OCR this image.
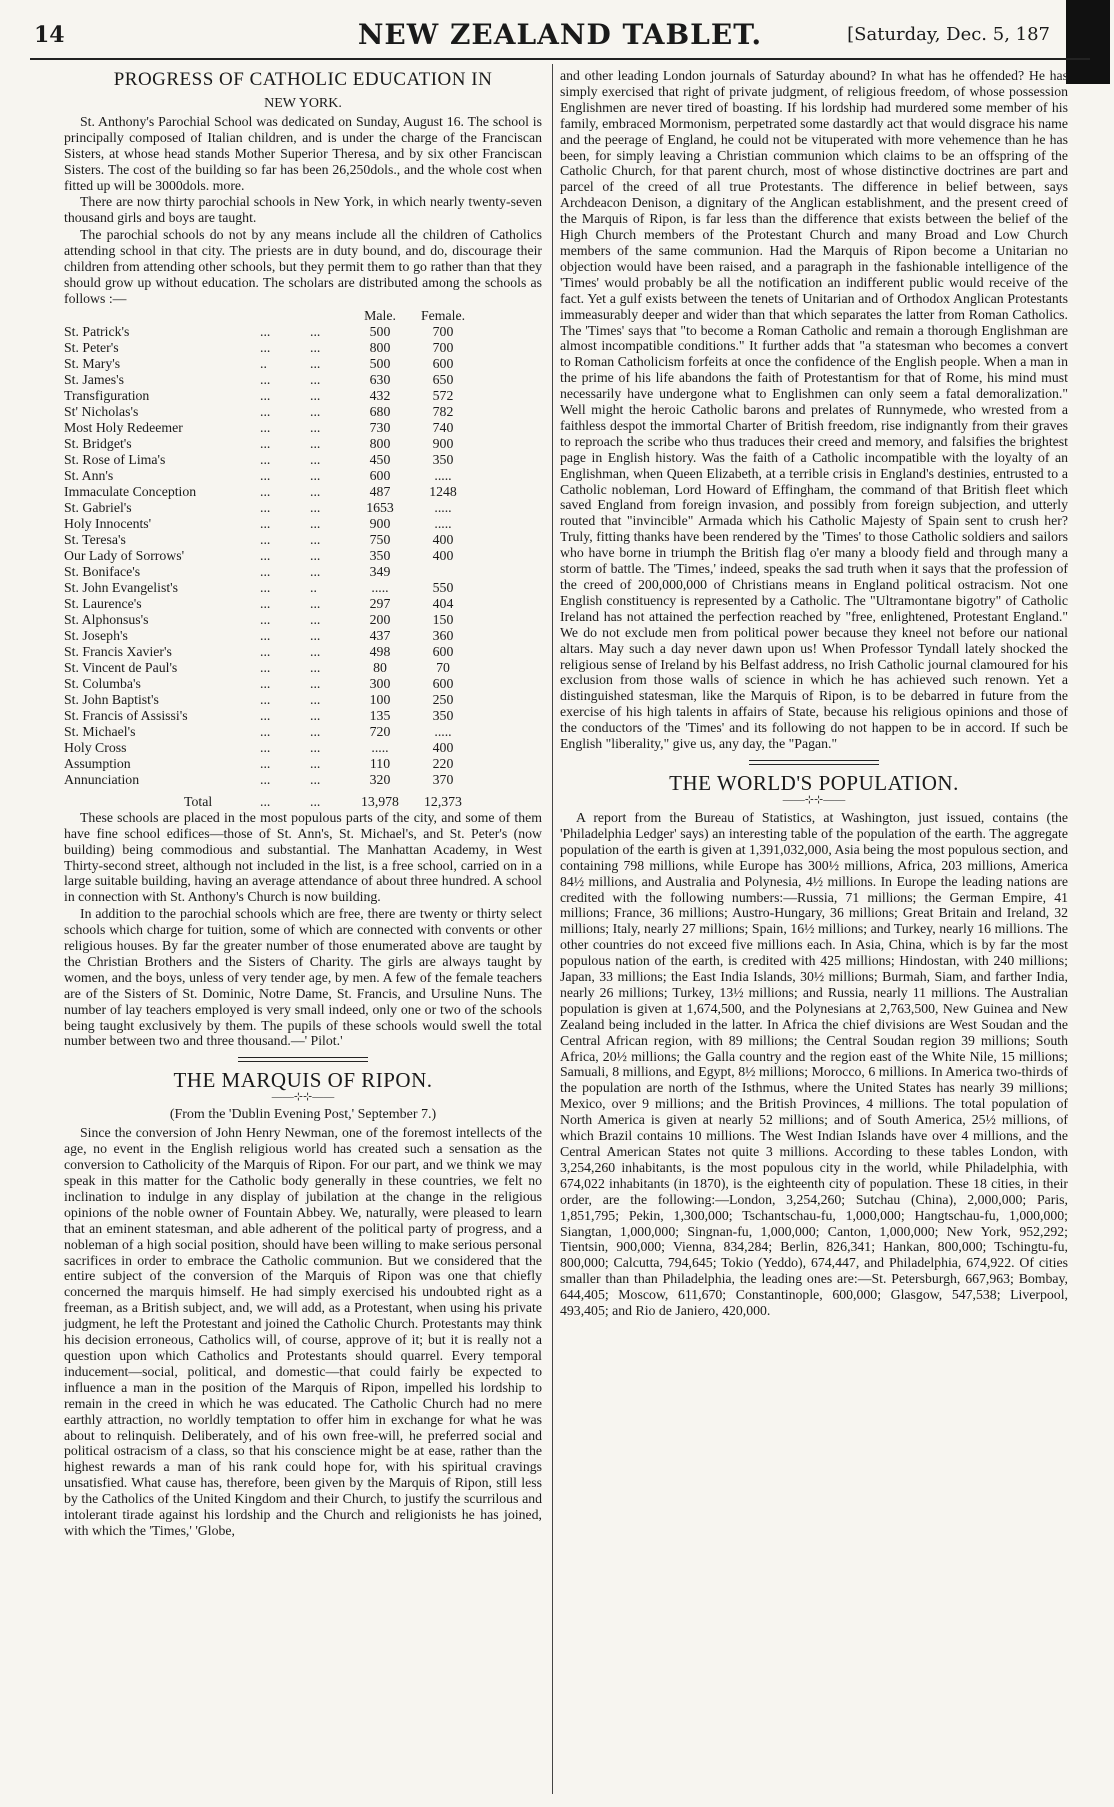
14	NEW ZEALAND TABLET.	[Saturday, Dec. 5, 187
PROGRESS OF CATHOLIC EDUCATION IN
NEW YORK.

St. Anthony's Parochial School was dedicated on Sunday, August 16. The school is principally composed of Italian children, and is under the charge of the Franciscan Sisters, at whose head stands Mother Superior Theresa, and by six other Franciscan Sisters. The cost of the building so far has been 26,250dols., and the whole cost when fitted up will be 3000dols. more.

There are now thirty parochial schools in New York, in which nearly twenty-seven thousand girls and boys are taught.

The parochial schools do not by any means include all the children of Catholics attending school in that city. The priests are in duty bound, and do, discourage their children from attending other schools, but they permit them to go rather than that they should grow up without education. The scholars are distributed among the schools as follows :—

Male.	Female.
St. Patrick's	...	...	500	700
St. Peter's	...	...	800	700
St. Mary's	..	...	500	600
St. James's	...	...	630	650
Transfiguration	...	...	432	572
St' Nicholas's	...	...	680	782
Most Holy Redeemer	...	...	730	740
St. Bridget's	...	...	800	900
St. Rose of Lima's	...	...	450	350
St. Ann's	...	...	600	.....
Immaculate Conception	...	...	487	1248
St. Gabriel's	...	...	1653	.....
Holy Innocents'	...	...	900	.....
St. Teresa's	...	...	750	400
Our Lady of Sorrows'	...	...	350	400
St. Boniface's	...	...	349
St. John Evangelist's	...	..	.....	550
St. Laurence's	...	...	297	404
St. Alphonsus's	...	...	200	150
St. Joseph's	...	...	437	360
St. Francis Xavier's	...	...	498	600
St. Vincent de Paul's	...	...	80	70
St. Columba's	...	...	300	600
St. John Baptist's	...	...	100	250
St. Francis of Assissi's	...	...	135	350
St. Michael's	...	...	720	.....
Holy Cross	...	...	.....	400
Assumption	...	...	110	220
Annunciation	...	...	320	370
Total	...	...	13,978	12,373

These schools are placed in the most populous parts of the city, and some of them have fine school edifices—those of St. Ann's, St. Michael's, and St. Peter's (now building) being commodious and substantial. The Manhattan Academy, in West Thirty-second street, although not included in the list, is a free school, carried on in a large suitable building, having an average attendance of about three hundred. A school in connection with St. Anthony's Church is now building.

In addition to the parochial schools which are free, there are twenty or thirty select schools which charge for tuition, some of which are connected with convents or other religious houses. By far the greater number of those enumerated above are taught by the Christian Brothers and the Sisters of Charity. The girls are always taught by women, and the boys, unless of very tender age, by men. A few of the female teachers are of the Sisters of St. Dominic, Notre Dame, St. Francis, and Ursuline Nuns. The number of lay teachers employed is very small indeed, only one or two of the schools being taught exclusively by them. The pupils of these schools would swell the total number between two and three thousand.—' Pilot.'

THE MARQUIS OF RIPON.
——⊹⊹——
(From the 'Dublin Evening Post,' September 7.)

Since the conversion of John Henry Newman, one of the foremost intellects of the age, no event in the English religious world has created such a sensation as the conversion to Catholicity of the Marquis of Ripon. For our part, and we think we may speak in this matter for the Catholic body generally in these countries, we felt no inclination to indulge in any display of jubilation at the change in the religious opinions of the noble owner of Fountain Abbey. We, naturally, were pleased to learn that an eminent statesman, and able adherent of the political party of progress, and a nobleman of a high social position, should have been willing to make serious personal sacrifices in order to embrace the Catholic communion. But we considered that the entire subject of the conversion of the Marquis of Ripon was one that chiefly concerned the marquis himself. He had simply exercised his undoubted right as a freeman, as a British subject, and, we will add, as a Protestant, when using his private judgment, he left the Protestant and joined the Catholic Church. Protestants may think his decision erroneous, Catholics will, of course, approve of it; but it is really not a question upon which Catholics and Protestants should quarrel. Every temporal inducement—social, political, and domestic—that could fairly be expected to influence a man in the position of the Marquis of Ripon, impelled his lordship to remain in the creed in which he was educated. The Catholic Church had no mere earthly attraction, no worldly temptation to offer him in exchange for what he was about to relinquish. Deliberately, and of his own free-will, he preferred social and political ostracism of a class, so that his conscience might be at ease, rather than the highest rewards a man of his rank could hope for, with his spiritual cravings unsatisfied. What cause has, therefore, been given by the Marquis of Ripon, still less by the Catholics of the United Kingdom and their Church, to justify the scurrilous and intolerant tirade against his lordship and the Church and religionists he has joined, with which the 'Times,' 'Globe,

and other leading London journals of Saturday abound? In what has he offended? He has simply exercised that right of private judgment, of religious freedom, of whose possession Englishmen are never tired of boasting. If his lordship had murdered some member of his family, embraced Mormonism, perpetrated some dastardly act that would disgrace his name and the peerage of England, he could not be vituperated with more vehemence than he has been, for simply leaving a Christian communion which claims to be an offspring of the Catholic Church, for that parent church, most of whose distinctive doctrines are part and parcel of the creed of all true Protestants. The difference in belief between, says Archdeacon Denison, a dignitary of the Anglican establishment, and the present creed of the Marquis of Ripon, is far less than the difference that exists between the belief of the High Church members of the Protestant Church and many Broad and Low Church members of the same communion. Had the Marquis of Ripon become a Unitarian no objection would have been raised, and a paragraph in the fashionable intelligence of the 'Times' would probably be all the notification an indifferent public would receive of the fact. Yet a gulf exists between the tenets of Unitarian and of Orthodox Anglican Protestants immeasurably deeper and wider than that which separates the latter from Roman Catholics. The 'Times' says that "to become a Roman Catholic and remain a thorough Englishman are almost incompatible conditions." It further adds that "a statesman who becomes a convert to Roman Catholicism forfeits at once the confidence of the English people. When a man in the prime of his life abandons the faith of Protestantism for that of Rome, his mind must necessarily have undergone what to Englishmen can only seem a fatal demoralization." Well might the heroic Catholic barons and prelates of Runnymede, who wrested from a faithless despot the immortal Charter of British freedom, rise indignantly from their graves to reproach the scribe who thus traduces their creed and memory, and falsifies the brightest page in English history. Was the faith of a Catholic incompatible with the loyalty of an Englishman, when Queen Elizabeth, at a terrible crisis in England's destinies, entrusted to a Catholic nobleman, Lord Howard of Effingham, the command of that British fleet which saved England from foreign invasion, and possibly from foreign subjection, and utterly routed that "invincible" Armada which his Catholic Majesty of Spain sent to crush her? Truly, fitting thanks have been rendered by the 'Times' to those Catholic soldiers and sailors who have borne in triumph the British flag o'er many a bloody field and through many a storm of battle. The 'Times,' indeed, speaks the sad truth when it says that the profession of the creed of 200,000,000 of Christians means in England political ostracism. Not one English constituency is represented by a Catholic. The "Ultramontane bigotry" of Catholic Ireland has not attained the perfection reached by "free, enlightened, Protestant England." We do not exclude men from political power because they kneel not before our national altars. May such a day never dawn upon us! When Professor Tyndall lately shocked the religious sense of Ireland by his Belfast address, no Irish Catholic journal clamoured for his exclusion from those walls of science in which he has achieved such renown. Yet a distinguished statesman, like the Marquis of Ripon, is to be debarred in future from the exercise of his high talents in affairs of State, because his religious opinions and those of the conductors of the 'Times' and its following do not happen to be in accord. If such be English "liberality," give us, any day, the "Pagan."

THE WORLD'S POPULATION.
——⊹⊹——

A report from the Bureau of Statistics, at Washington, just issued, contains (the 'Philadelphia Ledger' says) an interesting table of the population of the earth. The aggregate population of the earth is given at 1,391,032,000, Asia being the most populous section, and containing 798 millions, while Europe has 300½ millions, Africa, 203 millions, America 84½ millions, and Australia and Polynesia, 4½ millions. In Europe the leading nations are credited with the following numbers:—Russia, 71 millions; the German Empire, 41 millions; France, 36 millions; Austro-Hungary, 36 millions; Great Britain and Ireland, 32 millions; Italy, nearly 27 millions; Spain, 16½ millions; and Turkey, nearly 16 millions. The other countries do not exceed five millions each. In Asia, China, which is by far the most populous nation of the earth, is credited with 425 millions; Hindostan, with 240 millions; Japan, 33 millions; the East India Islands, 30½ millions; Burmah, Siam, and farther India, nearly 26 millions; Turkey, 13½ millions; and Russia, nearly 11 millions. The Australian population is given at 1,674,500, and the Polynesians at 2,763,500, New Guinea and New Zealand being included in the latter. In Africa the chief divisions are West Soudan and the Central African region, with 89 millions; the Central Soudan region 39 millions; South Africa, 20½ millions; the Galla country and the region east of the White Nile, 15 millions; Samuali, 8 millions, and Egypt, 8½ millions; Morocco, 6 millions. In America two-thirds of the population are north of the Isthmus, where the United States has nearly 39 millions; Mexico, over 9 millions; and the British Provinces, 4 millions. The total population of North America is given at nearly 52 millions; and of South America, 25½ millions, of which Brazil contains 10 millions. The West Indian Islands have over 4 millions, and the Central American States not quite 3 millions. According to these tables London, with 3,254,260 inhabitants, is the most populous city in the world, while Philadelphia, with 674,022 inhabitants (in 1870), is the eighteenth city of population. These 18 cities, in their order, are the following:—London, 3,254,260; Sutchau (China), 2,000,000; Paris, 1,851,795; Pekin, 1,300,000; Tschantschau-fu, 1,000,000; Hangtschau-fu, 1,000,000; Siangtan, 1,000,000; Singnan-fu, 1,000,000; Canton, 1,000,000; New York, 952,292; Tientsin, 900,000; Vienna, 834,284; Berlin, 826,341; Hankan, 800,000; Tschingtu-fu, 800,000; Calcutta, 794,645; Tokio (Yeddo), 674,447, and Philadelphia, 674,922. Of cities smaller than than Philadelphia, the leading ones are:—St. Petersburgh, 667,963; Bombay, 644,405; Moscow, 611,670; Constantinople, 600,000; Glasgow, 547,538; Liverpool, 493,405; and Rio de Janiero, 420,000.
